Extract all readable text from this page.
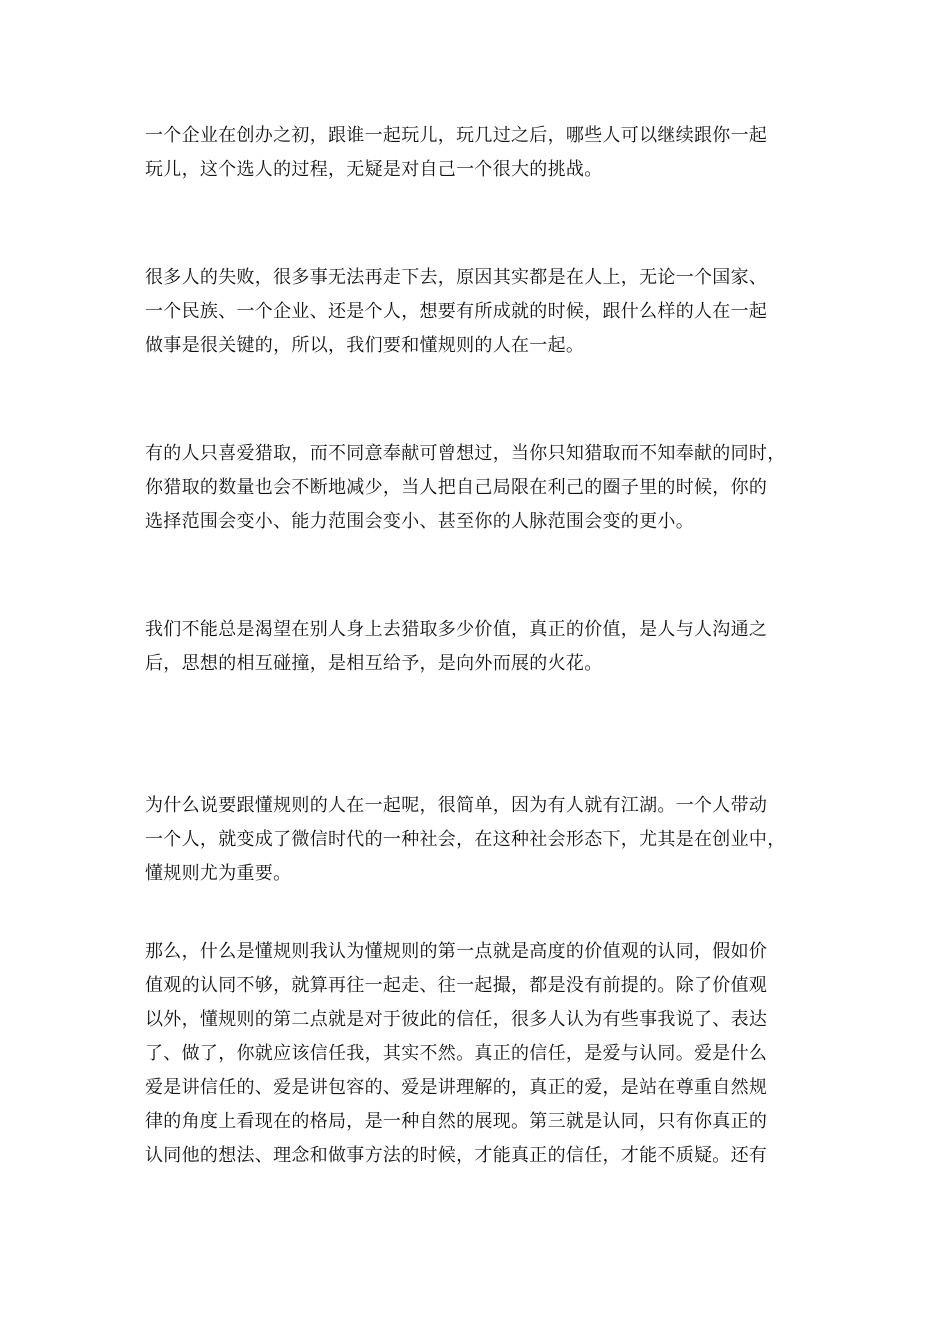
一个企业在创办之初，跟谁一起玩儿，玩几过之后，哪些人可以继续跟你一起
玩儿，这个选人的过程，无疑是对自己一个很大的挑战。

很多人的失败，很多事无法再走下去，原因其实都是在人上，无论一个国家、
一个民族、一个企业、还是个人，想要有所成就的时候，跟什么样的人在一起
做事是很关键的，所以，我们要和懂规则的人在一起。

有的人只喜爱猎取，而不同意奉献可曾想过，当你只知猎取而不知奉献的同时，
你猎取的数量也会不断地减少，当人把自己局限在利己的圈子里的时候，你的
选择范围会变小、能力范围会变小、甚至你的人脉范围会变的更小。

我们不能总是渴望在别人身上去猎取多少价值，真正的价值，是人与人沟通之
后，思想的相互碰撞，是相互给予，是向外而展的火花。

为什么说要跟懂规则的人在一起呢，很简单，因为有人就有江湖。一个人带动
一个人，就变成了微信时代的一种社会，在这种社会形态下，尤其是在创业中，
懂规则尤为重要。

那么，什么是懂规则我认为懂规则的第一点就是高度的价值观的认同，假如价
值观的认同不够，就算再往一起走、往一起撮，都是没有前提的。除了价值观
以外，懂规则的第二点就是对于彼此的信任，很多人认为有些事我说了、表达
了、做了，你就应该信任我，其实不然。真正的信任，是爱与认同。爱是什么
爱是讲信任的、爱是讲包容的、爱是讲理解的，真正的爱，是站在尊重自然规
律的角度上看现在的格局，是一种自然的展现。第三就是认同，只有你真正的
认同他的想法、理念和做事方法的时候，才能真正的信任，才能不质疑。还有
